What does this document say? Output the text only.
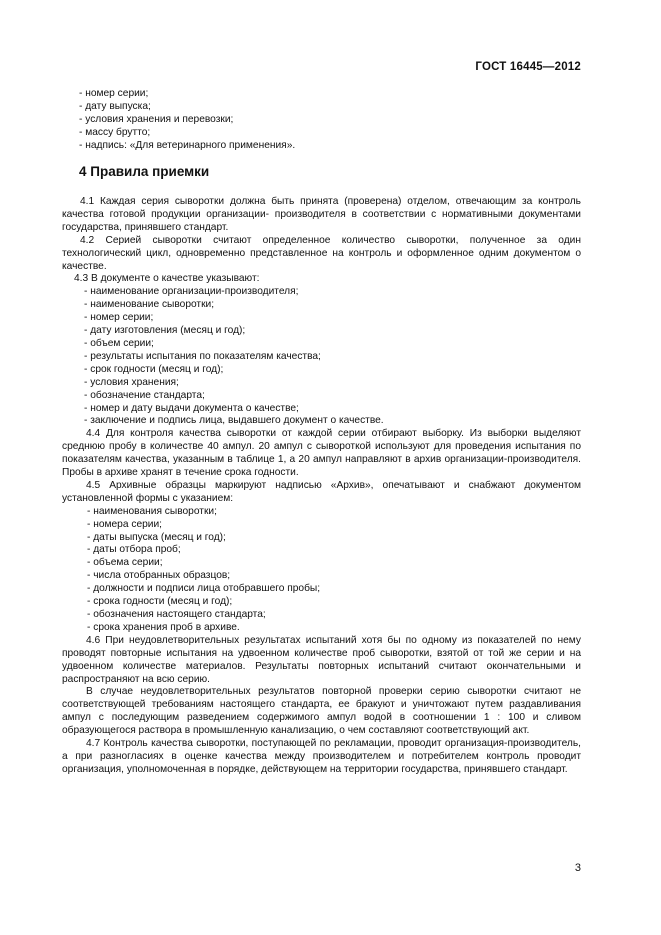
ГОСТ 16445—2012
- номер серии;
- дату выпуска;
- условия хранения и перевозки;
- массу брутто;
- надпись: «Для ветеринарного применения».
4 Правила приемки

4.1 Каждая серия сыворотки должна быть принята (проверена) отделом, отвечающим за контроль качества готовой продукции организации- производителя в соответствии с нормативными документами государства, принявшего стандарт.

4.2 Серией сыворотки считают определенное количество сыворотки, полученное за один технологический цикл, одновременно представленное на контроль и оформленное одним документом о качестве.

4.3 В документе о качестве указывают:

- наименование организации-производителя;
- наименование сыворотки;
- номер серии;
- дату изготовления (месяц и год);
- объем серии;
- результаты испытания по показателям качества;
- срок годности (месяц и год);
- условия хранения;
- обозначение стандарта;
- номер и дату выдачи документа о качестве;
- заключение и подпись лица, выдавшего документ о качестве.

4.4 Для контроля качества сыворотки от каждой серии отбирают выборку. Из выборки выделяют среднюю пробу в количестве 40 ампул. 20 ампул с сывороткой используют для проведения испытания по показателям качества, указанным в таблице 1, а 20 ампул направляют в архив организации-производителя. Пробы в архиве хранят в течение срока годности.

4.5 Архивные образцы маркируют надписью «Архив», опечатывают и снабжают документом установленной формы с указанием:

- наименования сыворотки;
- номера серии;
- даты выпуска (месяц и год);
- даты отбора проб;
- объема серии;
- числа отобранных образцов;
- должности и подписи лица отобравшего пробы;
- срока годности (месяц и год);
- обозначения настоящего стандарта;
- срока хранения проб в архиве.

4.6 При неудовлетворительных результатах испытаний хотя бы по одному из показателей по нему проводят повторные испытания на удвоенном количестве проб сыворотки, взятой от той же серии и на удвоенном количестве материалов. Результаты повторных испытаний считают окончательными и распространяют на всю серию.

В случае неудовлетворительных результатов повторной проверки серию сыворотки считают не соответствующей требованиям настоящего стандарта, ее бракуют и уничтожают путем раздавливания ампул с последующим разведением содержимого ампул водой в соотношении 1 : 100 и сливом образующегося раствора в промышленную канализацию, о чем составляют соответствующий акт.

4.7 Контроль качества сыворотки, поступающей по рекламации, проводит организация-производитель, а при разногласиях в оценке качества между производителем и потребителем контроль проводит организация, уполномоченная в порядке, действующем на территории государства, принявшего стандарт.

3
